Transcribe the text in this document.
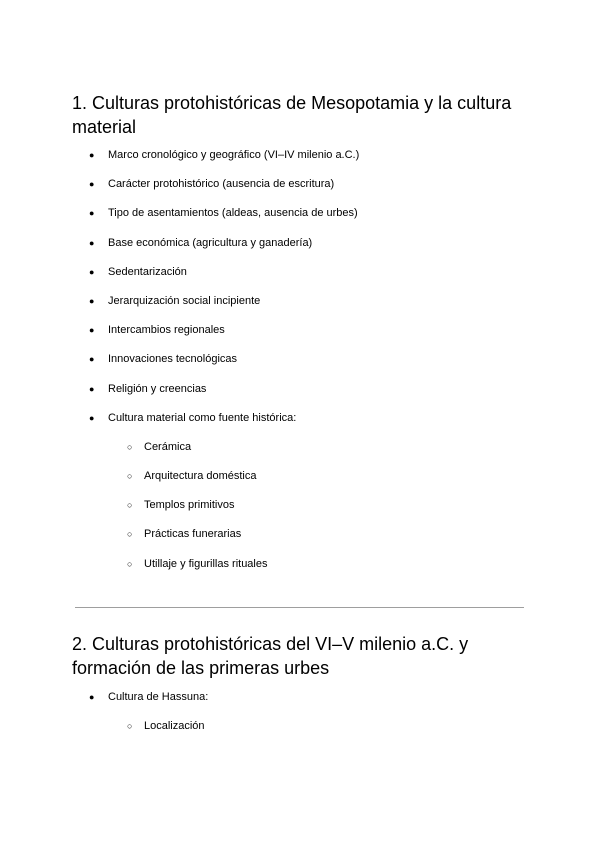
1. Culturas protohistóricas de Mesopotamia y la cultura material
● Marco cronológico y geográfico (VI–IV milenio a.C.)
● Carácter protohistórico (ausencia de escritura)
● Tipo de asentamientos (aldeas, ausencia de urbes)
● Base económica (agricultura y ganadería)
● Sedentarización
● Jerarquización social incipiente
● Intercambios regionales
● Innovaciones tecnológicas
● Religión y creencias
● Cultura material como fuente histórica:
○ Cerámica
○ Arquitectura doméstica
○ Templos primitivos
○ Prácticas funerarias
○ Utillaje y figurillas rituales
2. Culturas protohistóricas del VI–V milenio a.C. y formación de las primeras urbes
● Cultura de Hassuna:
○ Localización
